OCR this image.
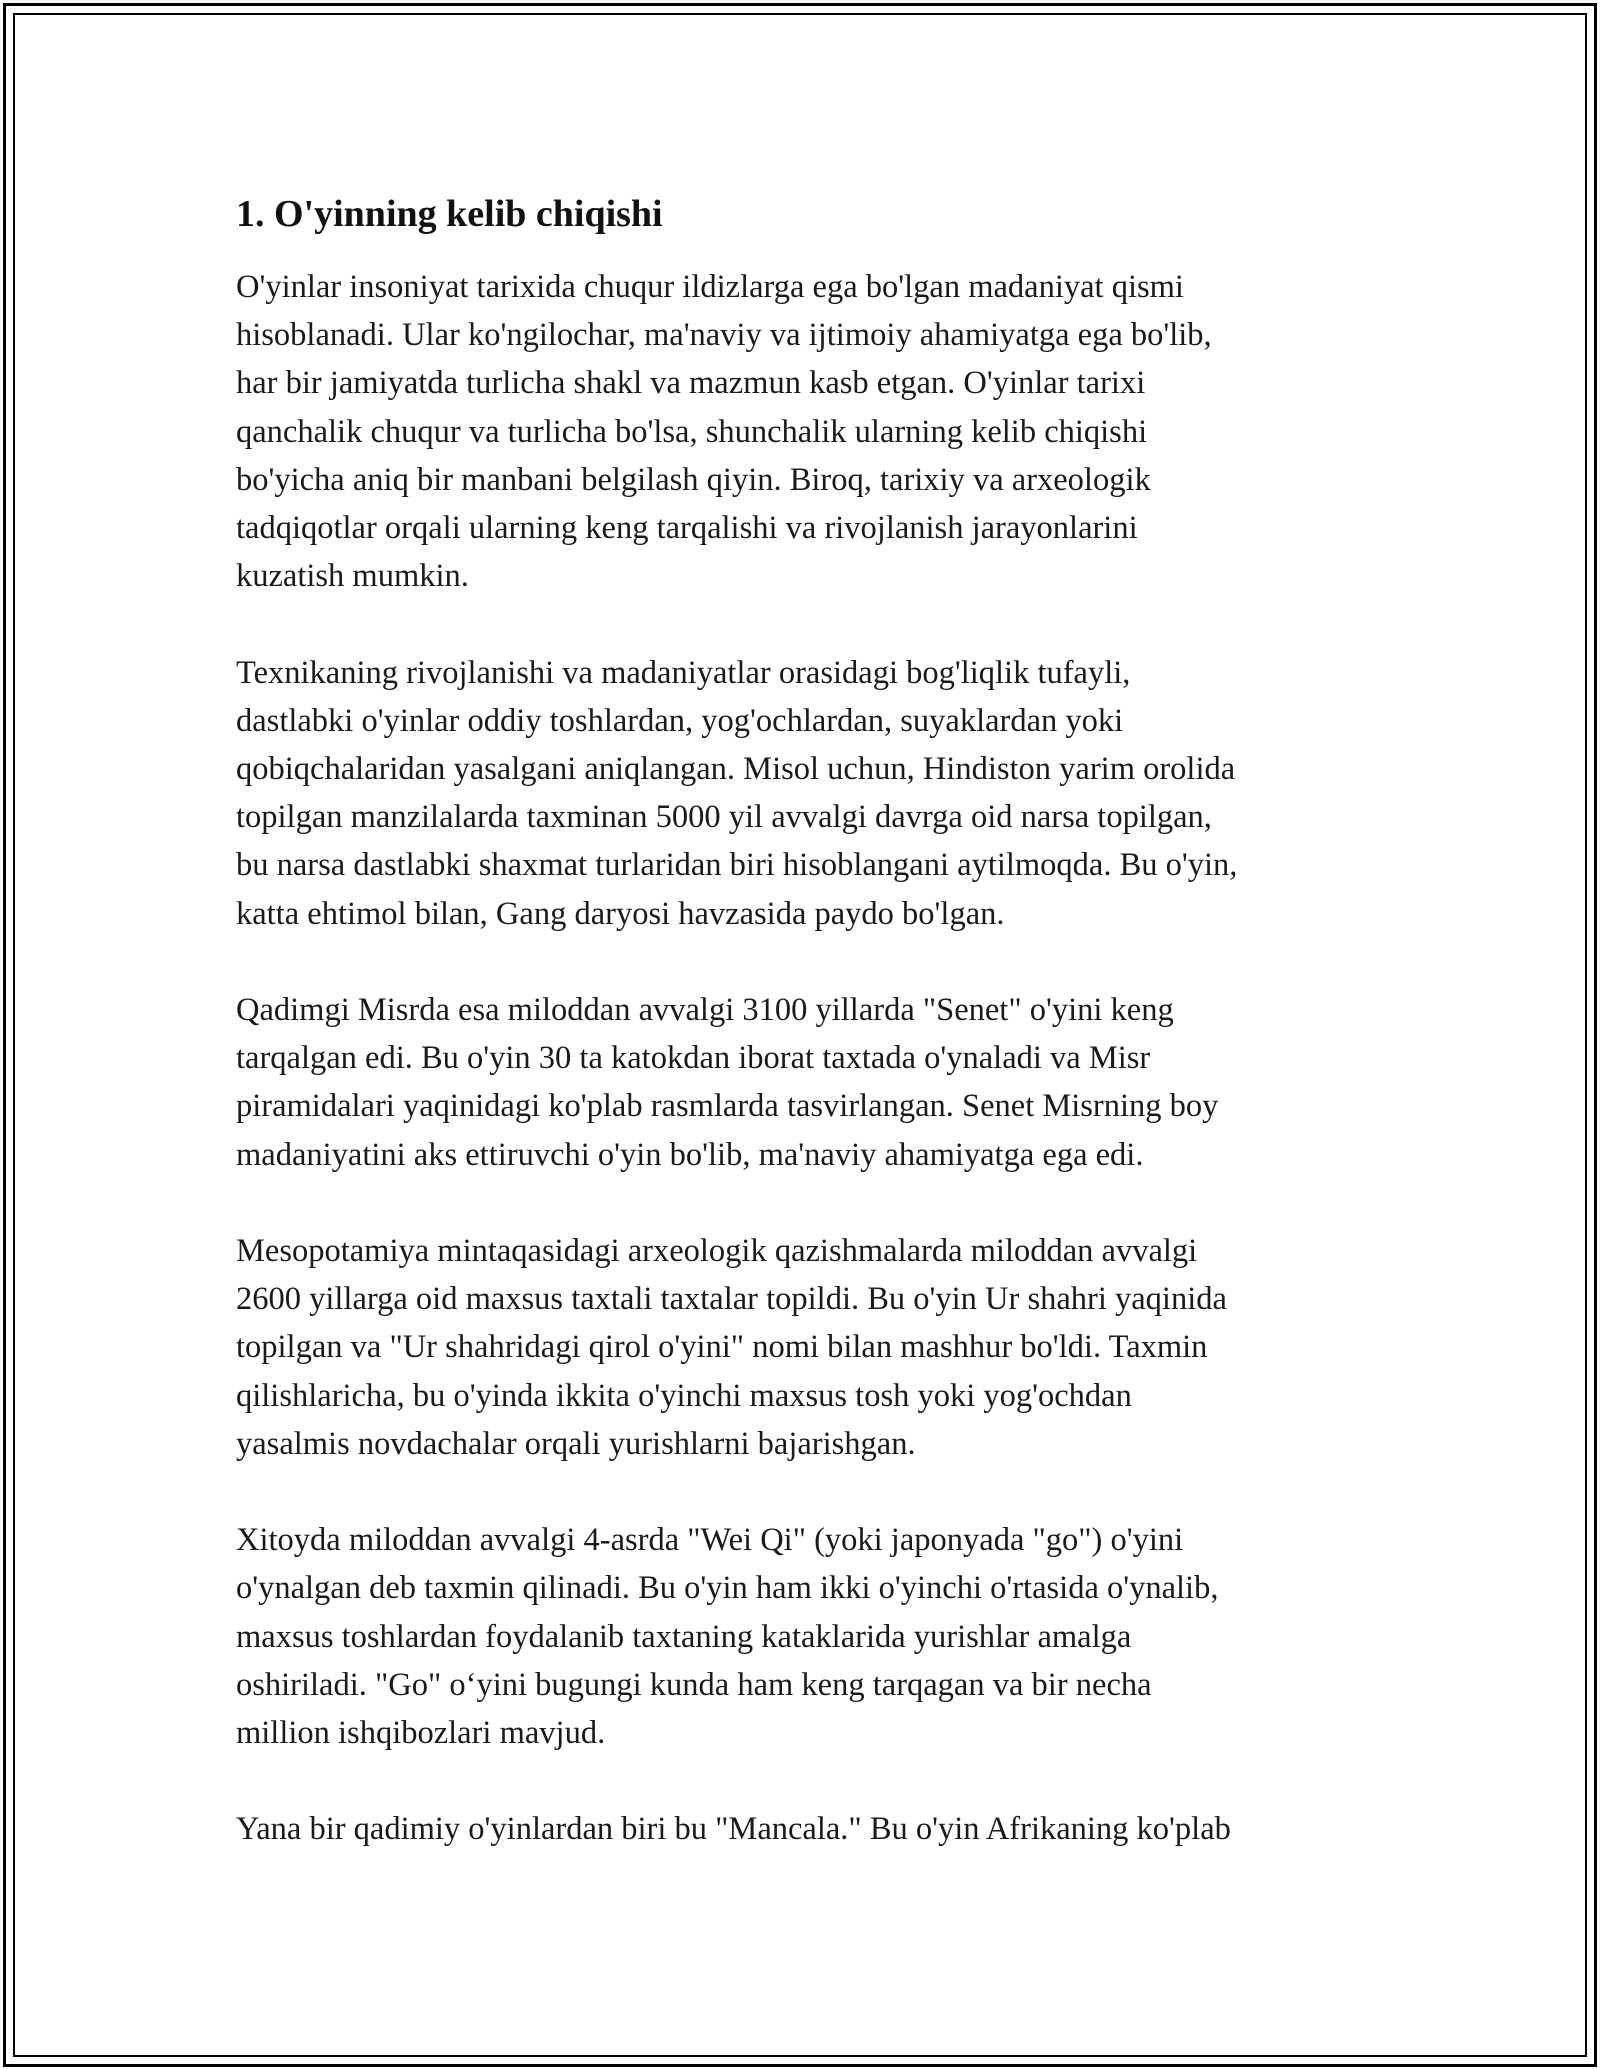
1. O'yinning kelib chiqishi

O'yinlar insoniyat tarixida chuqur ildizlarga ega bo'lgan madaniyat qismi
hisoblanadi. Ular ko'ngilochar, ma'naviy va ijtimoiy ahamiyatga ega bo'lib,
har bir jamiyatda turlicha shakl va mazmun kasb etgan. O'yinlar tarixi
qanchalik chuqur va turlicha bo'lsa, shunchalik ularning kelib chiqishi
bo'yicha aniq bir manbani belgilash qiyin. Biroq, tarixiy va arxeologik
tadqiqotlar orqali ularning keng tarqalishi va rivojlanish jarayonlarini
kuzatish mumkin.

Texnikaning rivojlanishi va madaniyatlar orasidagi bog'liqlik tufayli,
dastlabki o'yinlar oddiy toshlardan, yog'ochlardan, suyaklardan yoki
qobiqchalaridan yasalgani aniqlangan. Misol uchun, Hindiston yarim orolida
topilgan manzilalarda taxminan 5000 yil avvalgi davrga oid narsa topilgan,
bu narsa dastlabki shaxmat turlaridan biri hisoblangani aytilmoqda. Bu o'yin,
katta ehtimol bilan, Gang daryosi havzasida paydo bo'lgan.

Qadimgi Misrda esa miloddan avvalgi 3100 yillarda "Senet" o'yini keng
tarqalgan edi. Bu o'yin 30 ta katokdan iborat taxtada o'ynaladi va Misr
piramidalari yaqinidagi ko'plab rasmlarda tasvirlangan. Senet Misrning boy
madaniyatini aks ettiruvchi o'yin bo'lib, ma'naviy ahamiyatga ega edi.

Mesopotamiya mintaqasidagi arxeologik qazishmalarda miloddan avvalgi
2600 yillarga oid maxsus taxtali taxtalar topildi. Bu o'yin Ur shahri yaqinida
topilgan va "Ur shahridagi qirol o'yini" nomi bilan mashhur bo'ldi. Taxmin
qilishlaricha, bu o'yinda ikkita o'yinchi maxsus tosh yoki yog'ochdan
yasalmis novdachalar orqali yurishlarni bajarishgan.

Xitoyda miloddan avvalgi 4-asrda "Wei Qi" (yoki japonyada "go") o'yini
o'ynalgan deb taxmin qilinadi. Bu o'yin ham ikki o'yinchi o'rtasida o'ynalib,
maxsus toshlardan foydalanib taxtaning kataklarida yurishlar amalga
oshiriladi. "Go" o‘yini bugungi kunda ham keng tarqagan va bir necha
million ishqibozlari mavjud.

Yana bir qadimiy o'yinlardan biri bu "Mancala." Bu o'yin Afrikaning ko'plab
